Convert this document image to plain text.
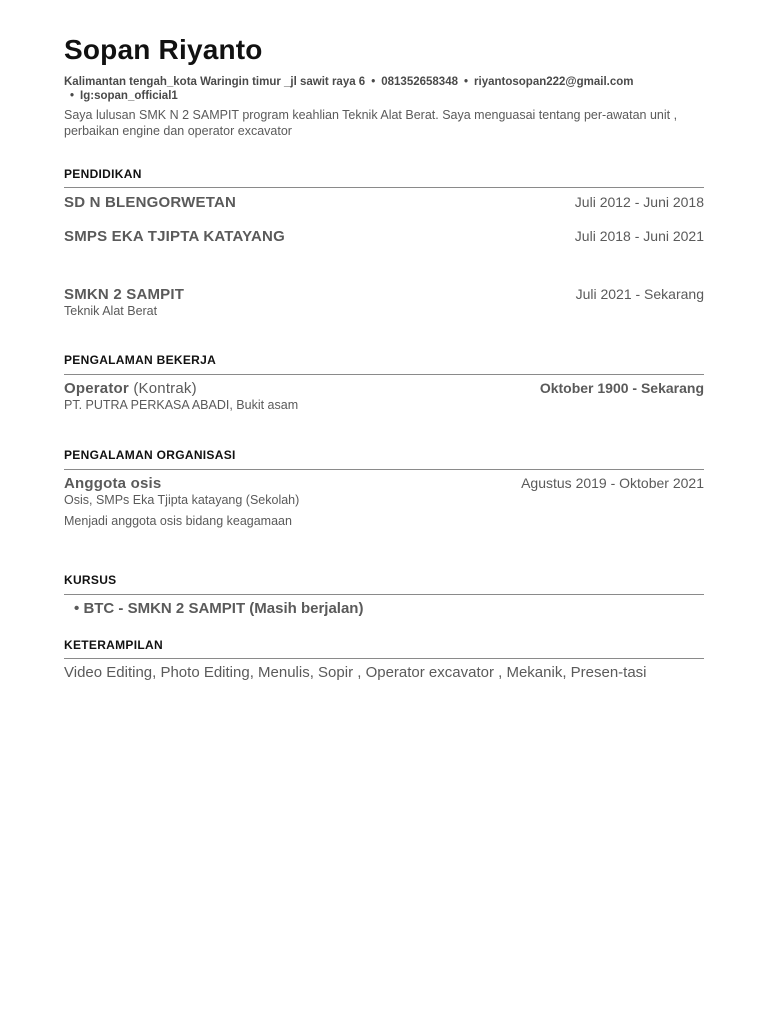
Sopan Riyanto
Kalimantan tengah_kota Waringin timur _jl sawit raya 6 • 081352658348 • riyantosopan222@gmail.com
• Ig:sopan_official1
Saya lulusan SMK N 2 SAMPIT program keahlian Teknik Alat Berat. Saya menguasai tentang per-awatan unit , perbaikan engine dan operator excavator
PENDIDIKAN
SD N BLENGORWETAN	Juli 2012 - Juni 2018
SMPS EKA TJIPTA KATAYANG	Juli 2018 - Juni 2021
SMKN 2 SAMPIT	Juli 2021 - Sekarang
Teknik Alat Berat
PENGALAMAN BEKERJA
Operator (Kontrak)	Oktober 1900 - Sekarang
PT. PUTRA PERKASA ABADI, Bukit asam
PENGALAMAN ORGANISASI
Anggota osis	Agustus 2019 - Oktober 2021
Osis, SMPs Eka Tjipta katayang (Sekolah)
Menjadi anggota osis bidang keagamaan
KURSUS
• BTC - SMKN 2 SAMPIT (Masih berjalan)
KETERAMPILAN
Video Editing, Photo Editing, Menulis, Sopir , Operator excavator , Mekanik, Presen-tasi
